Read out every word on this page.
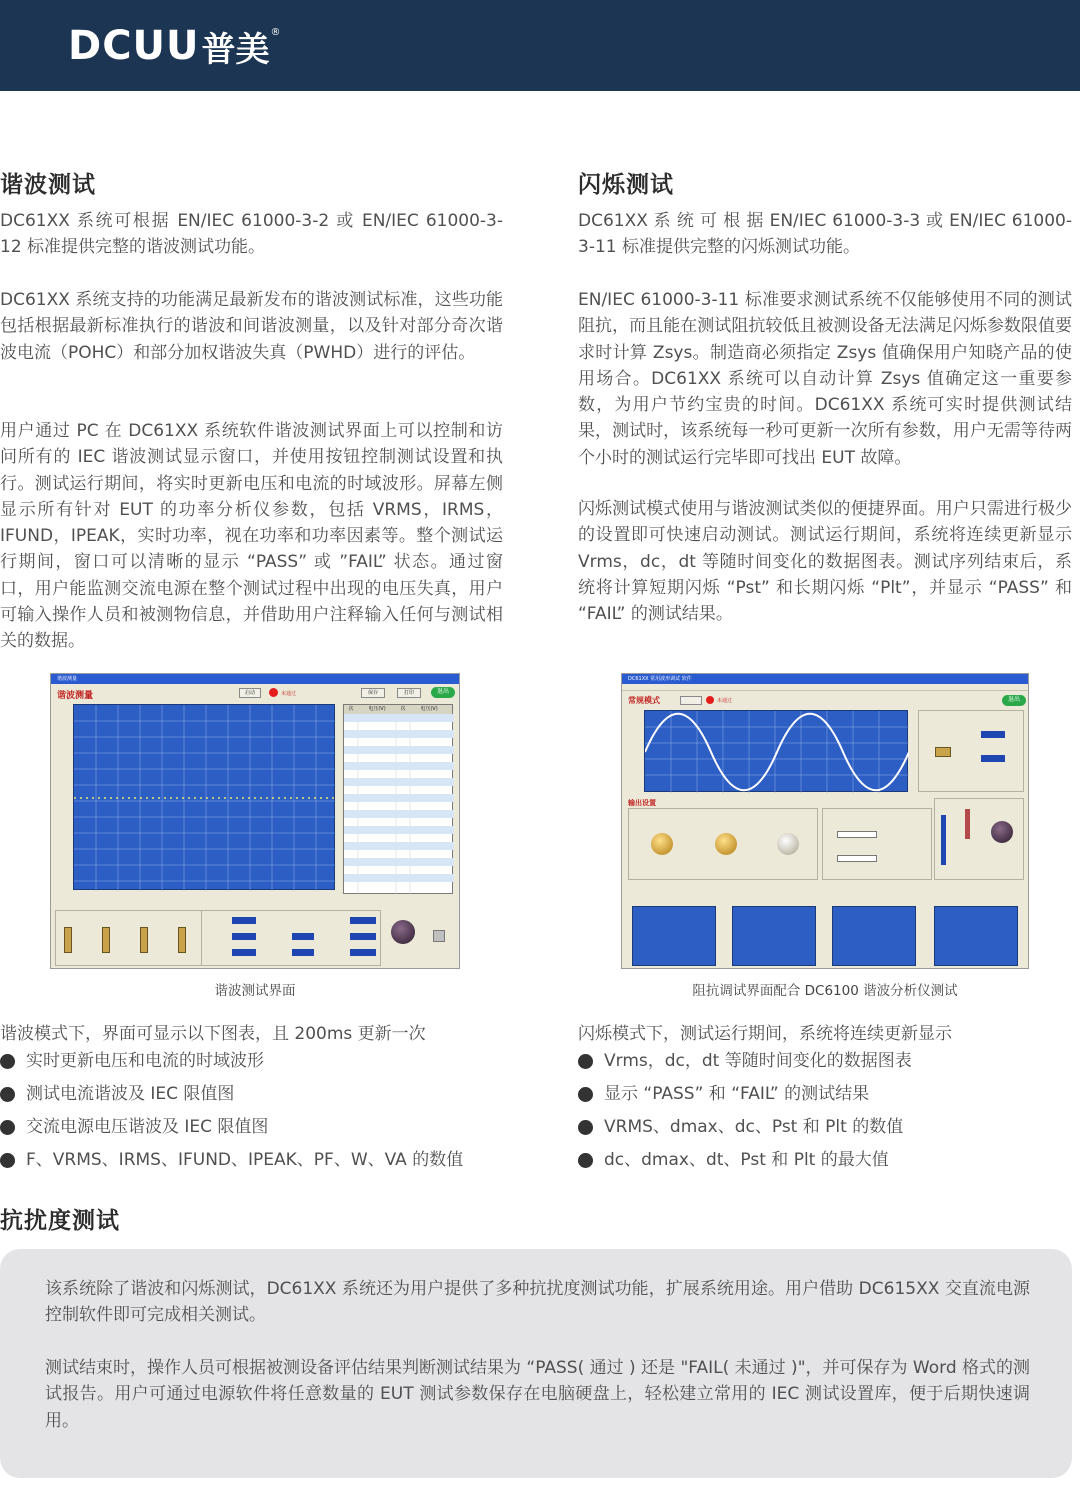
DCUU 普美 ®
谐波测试
DC61XX 系统可根据 EN/IEC 61000-3-2 或 EN/IEC 61000-3-12 标准提供完整的谐波测试功能。
DC61XX 系统支持的功能满足最新发布的谐波测试标准，这些功能包括根据最新标准执行的谐波和间谐波测量，以及针对部分奇次谐波电流（POHC）和部分加权谐波失真（PWHD）进行的评估。
用户通过 PC 在 DC61XX 系统软件谐波测试界面上可以控制和访问所有的 IEC 谐波测试显示窗口，并使用按钮控制测试设置和执行。测试运行期间，将实时更新电压和电流的时域波形。屏幕左侧显示所有针对 EUT 的功率分析仪参数，包括 VRMS，IRMS，IFUND，IPEAK，实时功率，视在功率和功率因素等。整个测试运行期间，窗口可以清晰的显示 “PASS” 或 ”FAIL” 状态。通过窗口，用户能监测交流电源在整个测试过程中出现的电压失真，用户可输入操作人员和被测物信息，并借助用户注释输入任何与测试相关的数据。
闪烁测试
DC61XX 系 统 可 根 据 EN/IEC 61000-3-3 或 EN/IEC 61000-3-11 标准提供完整的闪烁测试功能。
EN/IEC 61000-3-11 标准要求测试系统不仅能够使用不同的测试阻抗，而且能在测试阻抗较低且被测设备无法满足闪烁参数限值要求时计算 Zsys。制造商必须指定 Zsys 值确保用户知晓产品的使用场合。DC61XX 系统可以自动计算 Zsys 值确定这一重要参数，为用户节约宝贵的时间。DC61XX 系统可实时提供测试结果，测试时，该系统每一秒可更新一次所有参数，用户无需等待两个小时的测试运行完毕即可找出 EUT 故障。
闪烁测试模式使用与谐波测试类似的便捷界面。用户只需进行极少的设置即可快速启动测试。测试运行期间，系统将连续更新显示 Vrms，dc，dt 等随时间变化的数据图表。测试序列结束后，系统将计算短期闪烁 “Pst” 和长期闪烁 “Plt”，并显示 “PASS” 和 “FAIL” 的测试结果。
谐波测量
谐波测量	启动	未通过	保存	打印	退出
次	电压(V)	次	电压(V)
谐波测试界面
DC61XX 常用波形调试 软件
常规模式	未通过	退出
输出设置
阻抗调试界面配合 DC6100 谐波分析仪测试
谐波模式下，界面可显示以下图表，且 200ms 更新一次
实时更新电压和电流的时域波形
测试电流谐波及 IEC 限值图
交流电源电压谐波及 IEC 限值图
F、VRMS、IRMS、IFUND、IPEAK、PF、W、VA 的数值
闪烁模式下，测试运行期间，系统将连续更新显示
Vrms，dc，dt 等随时间变化的数据图表
显示 “PASS” 和 “FAIL” 的测试结果
VRMS、dmax、dc、Pst 和 Plt 的数值
dc、dmax、dt、Pst 和 Plt 的最大值
抗扰度测试
该系统除了谐波和闪烁测试，DC61XX 系统还为用户提供了多种抗扰度测试功能，扩展系统用途。用户借助 DC615XX 交直流电源控制软件即可完成相关测试。
测试结束时，操作人员可根据被测设备评估结果判断测试结果为 “PASS( 通过 ) 还是 "FAIL( 未通过 )"，并可保存为 Word 格式的测试报告。用户可通过电源软件将任意数量的 EUT 测试参数保存在电脑硬盘上，轻松建立常用的 IEC 测试设置库，便于后期快速调用。
